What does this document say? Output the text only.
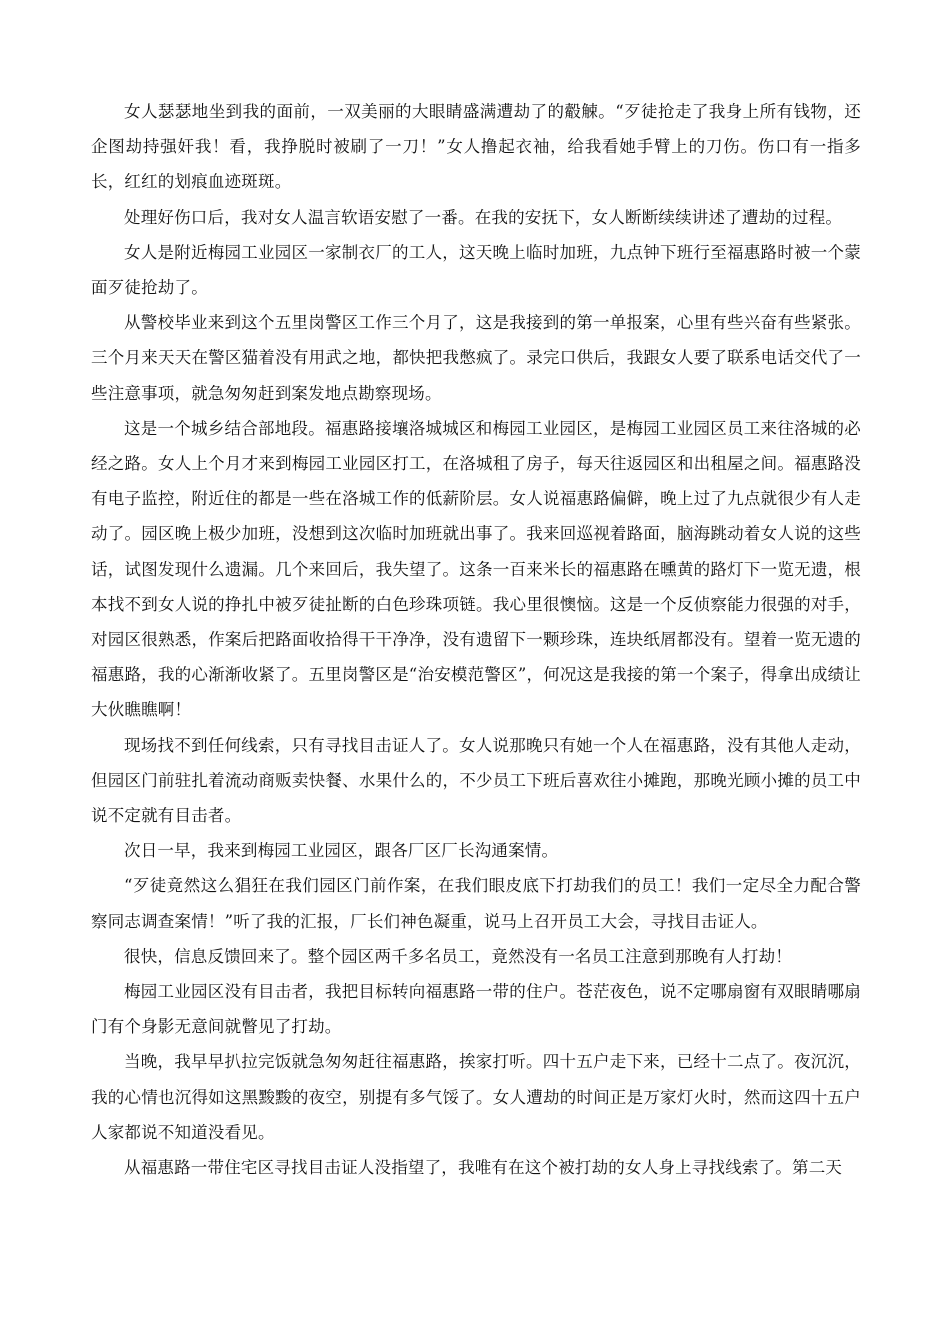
女人瑟瑟地坐到我的面前，一双美丽的大眼睛盛满遭劫了的觳觫。“歹徒抢走了我身上所有钱物，还企图劫持强奸我！看，我挣脱时被刷了一刀！”女人撸起衣袖，给我看她手臂上的刀伤。伤口有一指多长，红红的划痕血迹斑斑。

处理好伤口后，我对女人温言软语安慰了一番。在我的安抚下，女人断断续续讲述了遭劫的过程。

女人是附近梅园工业园区一家制衣厂的工人，这天晚上临时加班，九点钟下班行至福惠路时被一个蒙面歹徒抢劫了。

从警校毕业来到这个五里岗警区工作三个月了，这是我接到的第一单报案，心里有些兴奋有些紧张。三个月来天天在警区猫着没有用武之地，都快把我憋疯了。录完口供后，我跟女人要了联系电话交代了一些注意事项，就急匆匆赶到案发地点勘察现场。

这是一个城乡结合部地段。福惠路接壤洛城城区和梅园工业园区，是梅园工业园区员工来往洛城的必经之路。女人上个月才来到梅园工业园区打工，在洛城租了房子，每天往返园区和出租屋之间。福惠路没有电子监控，附近住的都是一些在洛城工作的低薪阶层。女人说福惠路偏僻，晚上过了九点就很少有人走动了。园区晚上极少加班，没想到这次临时加班就出事了。我来回巡视着路面，脑海跳动着女人说的这些话，试图发现什么遗漏。几个来回后，我失望了。这条一百来米长的福惠路在曛黄的路灯下一览无遗，根本找不到女人说的挣扎中被歹徒扯断的白色珍珠项链。我心里很懊恼。这是一个反侦察能力很强的对手，对园区很熟悉，作案后把路面收拾得干干净净，没有遗留下一颗珍珠，连块纸屑都没有。望着一览无遗的福惠路，我的心渐渐收紧了。五里岗警区是“治安模范警区”，何况这是我接的第一个案子，得拿出成绩让大伙瞧瞧啊！

现场找不到任何线索，只有寻找目击证人了。女人说那晚只有她一个人在福惠路，没有其他人走动，但园区门前驻扎着流动商贩卖快餐、水果什么的，不少员工下班后喜欢往小摊跑，那晚光顾小摊的员工中说不定就有目击者。

次日一早，我来到梅园工业园区，跟各厂区厂长沟通案情。

“歹徒竟然这么猖狂在我们园区门前作案，在我们眼皮底下打劫我们的员工！我们一定尽全力配合警察同志调查案情！”听了我的汇报，厂长们神色凝重，说马上召开员工大会，寻找目击证人。

很快，信息反馈回来了。整个园区两千多名员工，竟然没有一名员工注意到那晚有人打劫！

梅园工业园区没有目击者，我把目标转向福惠路一带的住户。苍茫夜色，说不定哪扇窗有双眼睛哪扇门有个身影无意间就瞥见了打劫。

当晚，我早早扒拉完饭就急匆匆赶往福惠路，挨家打听。四十五户走下来，已经十二点了。夜沉沉，我的心情也沉得如这黑黢黢的夜空，别提有多气馁了。女人遭劫的时间正是万家灯火时，然而这四十五户人家都说不知道没看见。

从福惠路一带住宅区寻找目击证人没指望了，我唯有在这个被打劫的女人身上寻找线索了。第二天
